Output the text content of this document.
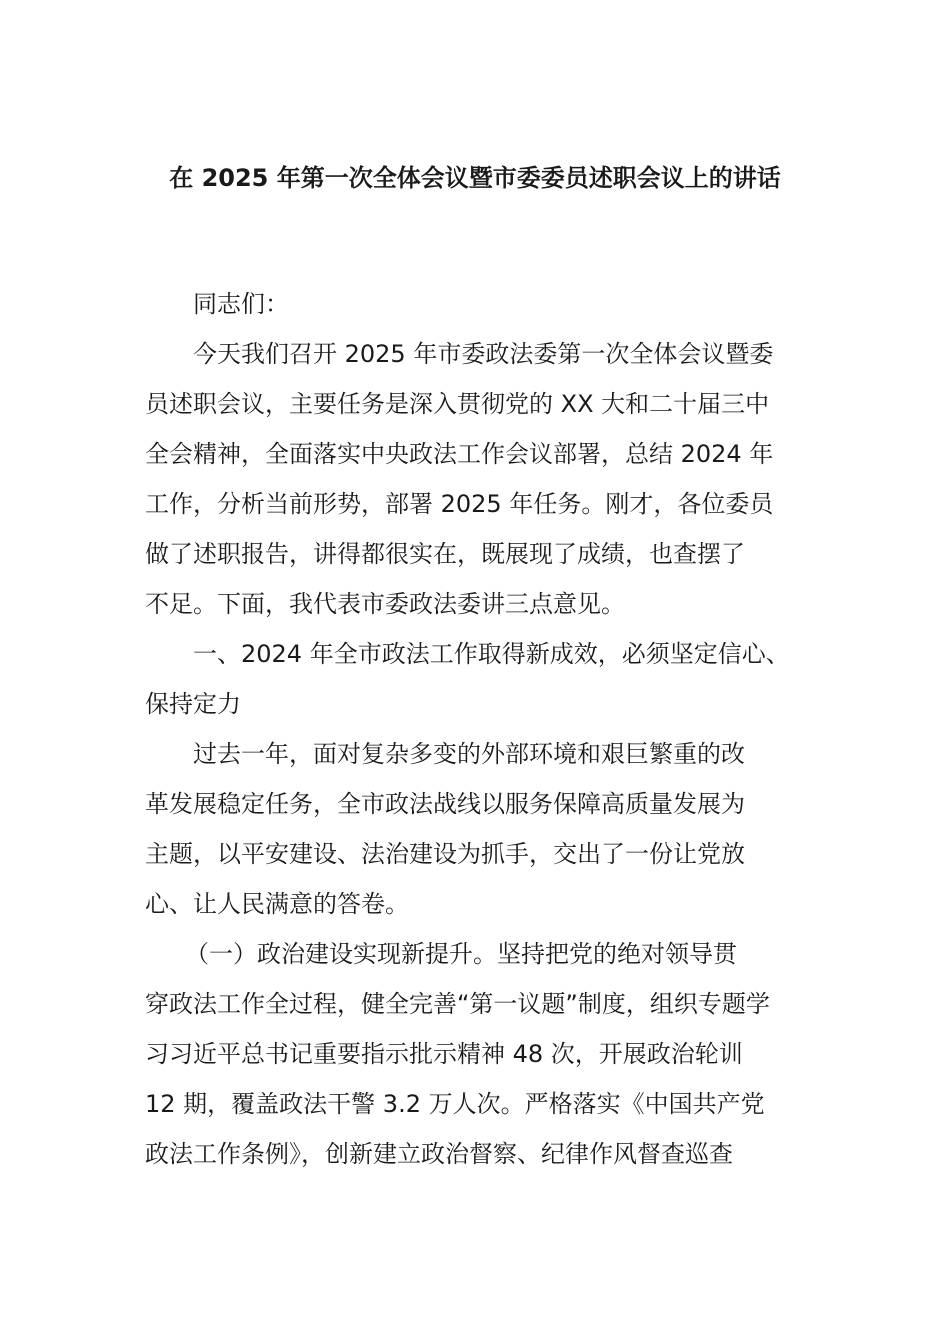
在 2025 年第一次全体会议暨市委委员述职会议上的讲话
同志们：
今天我们召开 2025 年市委政法委第一次全体会议暨委
员述职会议，主要任务是深入贯彻党的 XX 大和二十届三中
全会精神，全面落实中央政法工作会议部署，总结 2024 年
工作，分析当前形势，部署 2025 年任务。刚才，各位委员
做了述职报告，讲得都很实在，既展现了成绩，也查摆了
不足。下面，我代表市委政法委讲三点意见。
一、2024 年全市政法工作取得新成效，必须坚定信心、
保持定力
过去一年，面对复杂多变的外部环境和艰巨繁重的改
革发展稳定任务，全市政法战线以服务保障高质量发展为
主题，以平安建设、法治建设为抓手，交出了一份让党放
心、让人民满意的答卷。
（一）政治建设实现新提升。坚持把党的绝对领导贯
穿政法工作全过程，健全完善“第一议题”制度，组织专题学
习习近平总书记重要指示批示精神 48 次，开展政治轮训
12 期，覆盖政法干警 3.2 万人次。严格落实《中国共产党
政法工作条例》，创新建立政治督察、纪律作风督查巡查
